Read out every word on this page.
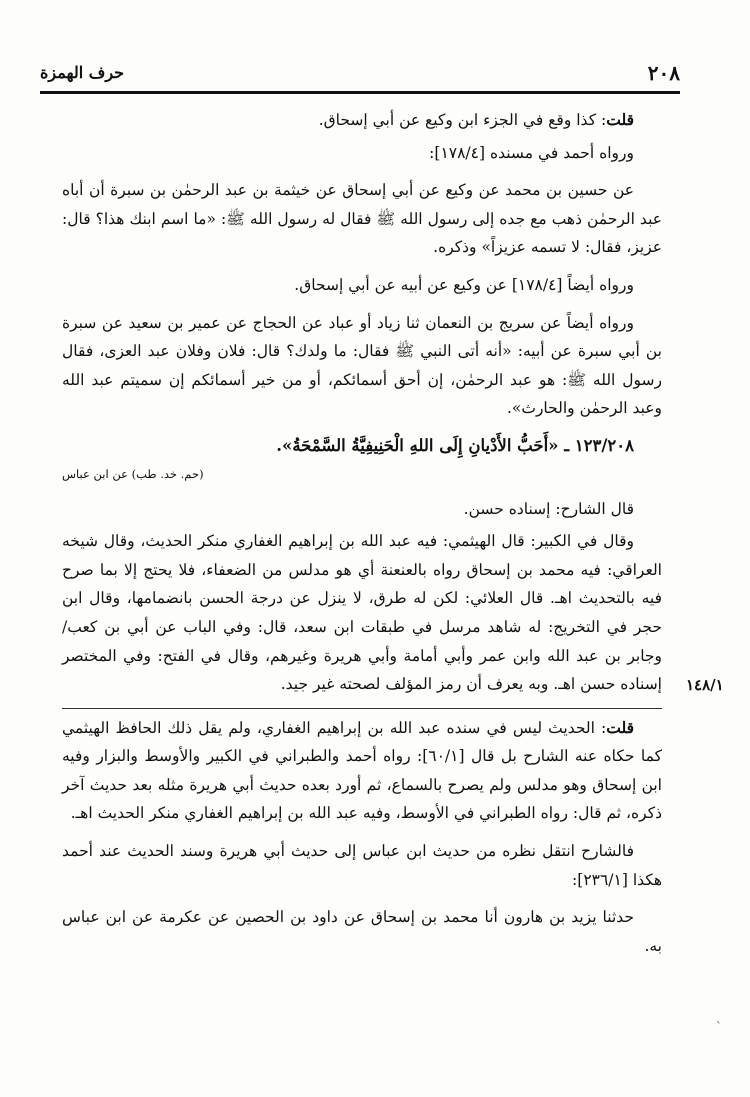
٢٠٨
حرف الهمزة
١٤٨/١

قلت: كذا وقع في الجزء ابن وكيع عن أبي إسحاق.

ورواه أحمد في مسنده [١٧٨/٤]:

عن حسين بن محمد عن وكيع عن أبي إسحاق عن خيثمة بن عبد الرحمٰن بن سبرة أن أباه عبد الرحمٰن ذهب مع جده إلى رسول الله ﷺ فقال له رسول الله ﷺ: «ما اسم ابنك هذا؟ قال: عزيز، فقال: لا تسمه عزيزاً» وذكره.

ورواه أيضاً [١٧٨/٤] عن وكيع عن أبيه عن أبي إسحاق.

ورواه أيضاً عن سريج بن النعمان ثنا زياد أو عباد عن الحجاج عن عمير بن سعيد عن سبرة بن أبي سبرة عن أبيه: «أنه أتى النبي ﷺ فقال: ما ولدك؟ قال: فلان وفلان عبد العزى، فقال رسول الله ﷺ: هو عبد الرحمٰن، إن أحق أسمائكم، أو من خير أسمائكم إن سميتم عبد الله وعبد الرحمٰن والحارث».

١٢٣/٢٠٨ ـ «أَحَبُّ الأَدْيانِ إِلَى اللهِ الْحَنِيفِيَّةُ السَّمْحَةُ».

(حم. خد. طب) عن ابن عباس

قال الشارح: إسناده حسن.

وقال في الكبير: قال الهيثمي: فيه عبد الله بن إبراهيم الغفاري منكر الحديث، وقال شيخه العراقي: فيه محمد بن إسحاق رواه بالعنعنة أي هو مدلس من الضعفاء، فلا يحتج إلا بما صرح فيه بالتحديث اهـ. قال العلائي: لكن له طرق، لا ينزل عن درجة الحسن بانضمامها، وقال ابن حجر في التخريج: له شاهد مرسل في طبقات ابن سعد، قال: وفي الباب عن أبي بن كعب/ وجابر بن عبد الله وابن عمر وأبي أمامة وأبي هريرة وغيرهم، وقال في الفتح: وفي المختصر إسناده حسن اهـ. وبه يعرف أن رمز المؤلف لصحته غير جيد.

قلت: الحديث ليس في سنده عبد الله بن إبراهيم الغفاري، ولم يقل ذلك الحافظ الهيثمي كما حكاه عنه الشارح بل قال [٦٠/١]: رواه أحمد والطبراني في الكبير والأوسط والبزار وفيه ابن إسحاق وهو مدلس ولم يصرح بالسماع، ثم أورد بعده حديث أبي هريرة مثله بعد حديث آخر ذكره، ثم قال: رواه الطبراني في الأوسط، وفيه عبد الله بن إبراهيم الغفاري منكر الحديث اهـ.

فالشارح انتقل نظره من حديث ابن عباس إلى حديث أبي هريرة وسند الحديث عند أحمد هكذا [٢٣٦/١]:

حدثنا يزيد بن هارون أنا محمد بن إسحاق عن داود بن الحصين عن عكرمة عن ابن عباس به.

ˋ
